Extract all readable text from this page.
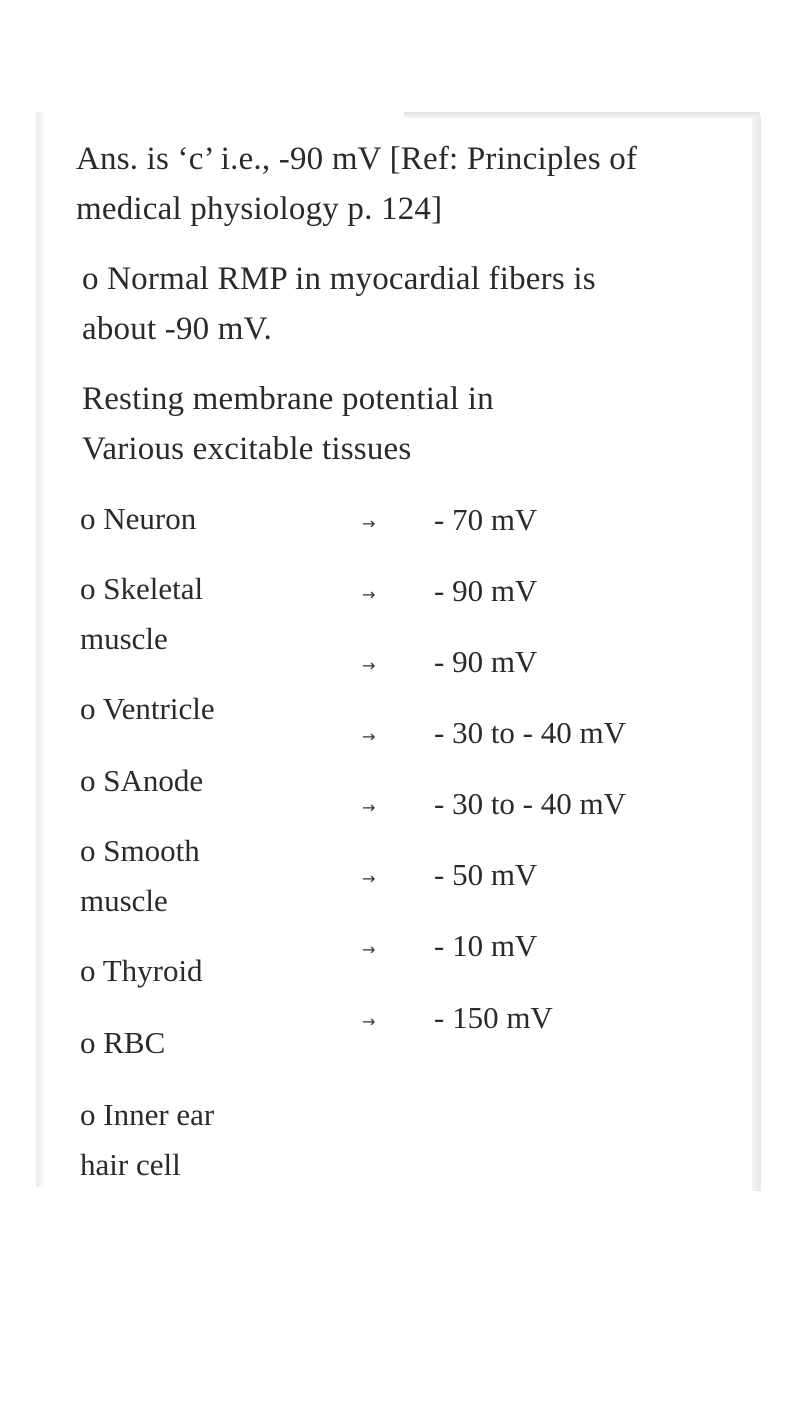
Ans. is ‘c’ i.e., -90 mV [Ref: Principles of
medical physiology p. 124]
o Normal RMP in myocardial fibers is
about -90 mV.
Resting membrane potential in
Various excitable tissues
o Neuron
o Skeletal
muscle
o Ventricle
o SAnode
o Smooth
muscle
o Thyroid
o RBC
o Inner ear
hair cell
→
→
→
→
→
→
→
→
- 70 mV
- 90 mV
- 90 mV
- 30 to - 40 mV
- 30 to - 40 mV
- 50 mV
- 10 mV
- 150 mV
